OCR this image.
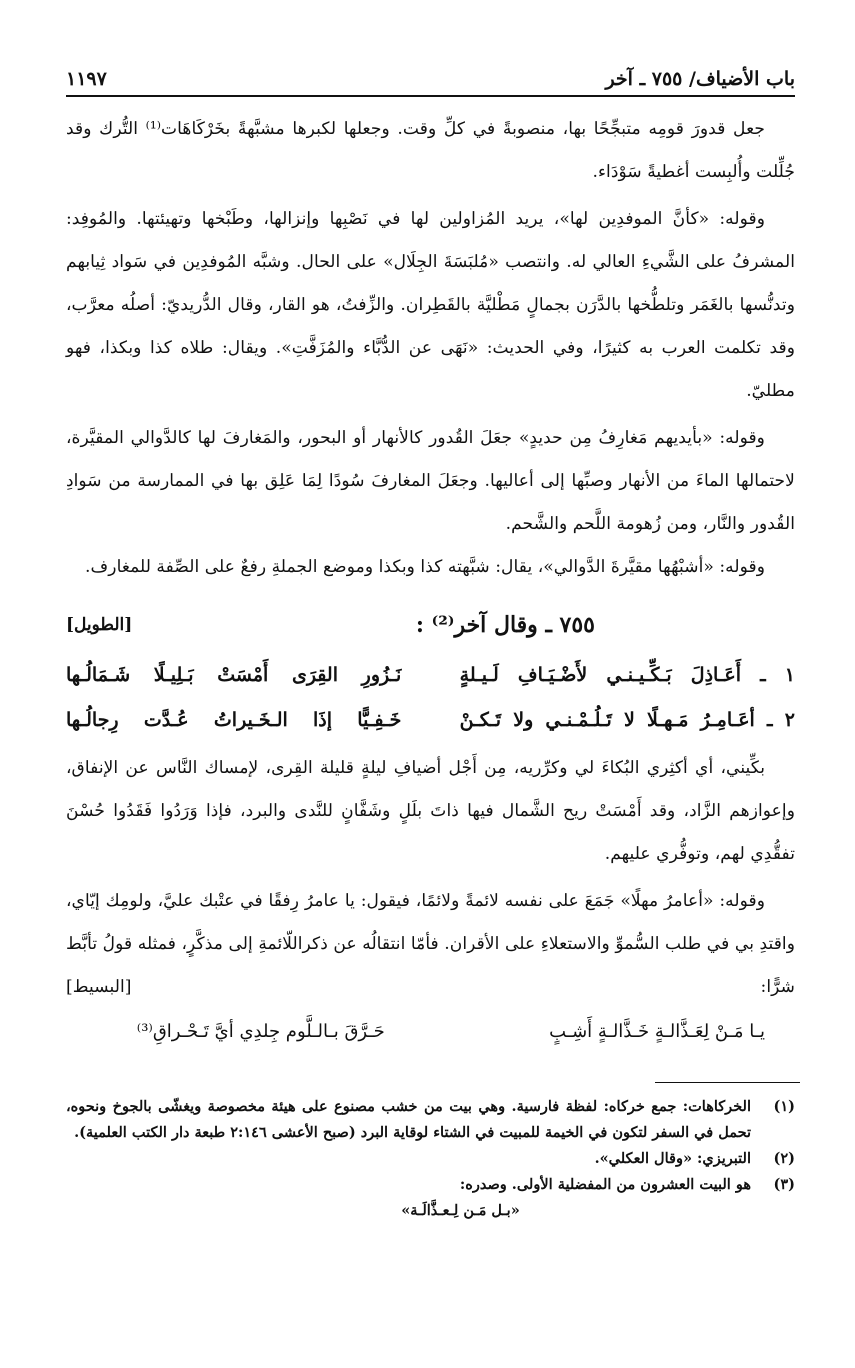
باب الأضياف/ ٧٥٥ ـ آخر
١١٩٧

جعل قدورَ قومِه متبجِّحًا بها، منصوبةً في كلِّ وقت. وجعلها لكبرها مشبَّهةً بخَرْكَاهَات⁽¹⁾ التُّرك وقد جُلِّلت وأُلبِست أغطيةً سَوْدَاء.

وقوله: «كأنَّ الموفدِين لها»، يريد المُزاولين لها في نَصْبِها وإنزالها، وطَبْخها وتهيئتها. والمُوفِد: المشرفُ على الشَّيءِ العالي له. وانتصب «مُلبَسَةَ الجِلَال» على الحال. وشبَّه المُوفدِين في سَواد ثِيابهم وتدنُّسها بالغَمَر وتلطُّخها بالدَّرَن بجمالٍ مَطْليَّة بالقَطِران. والزِّفتُ، هو القار، وقال الدُّريديّ: أصلُه معرَّب، وقد تكلمت العرب به كثيرًا، وفي الحديث: «نَهَى عن الدُّبَّاء والمُزَفَّتِ». ويقال: طلاه كذا وبكذا، فهو مطليّ.

وقوله: «بأيديهم مَغارِفُ مِن حديدٍ» جعَلَ القُدور كالأنهار أو البحور، والمَغارفَ لها كالدَّوالي المقيَّرة، لاحتمالها الماءَ من الأنهار وصبِّها إلى أعاليها. وجعَلَ المغارفَ سُودًا لِمَا عَلِق بها في الممارسة من سَوادِ القُدور والنَّار، ومن زُهومة اللَّحم والشَّحم.

وقوله: «أشبْهُها مقيَّرةَ الدَّوالي»، يقال: شبَّهته كذا وبكذا وموضع الجملةِ رفعٌ على الصِّفة للمغارف.

٧٥٥ ـ وقال آخر⁽²⁾ :
[الطويل]
١ ـ أَعَـاذِلَ بَـكِّـيـنـي لأَضْـيَـافِ لَـيـلةٍ
نَـزُورِ القِرَى أَمْسَتْ بَـلِيـلًا شَـمَالُـها
٢ ـ أعَـامِـرُ مَـهـلًا لا تَـلُـمْـنـي ولا تَـكـنْ
خَـفِـيًّا إذَا الـخَـيراتُ عُـدَّت رِجالُـها

بكِّيني، أي أكثِري البُكاءَ لي وكرِّريه، مِن أَجْل أضيافِ ليلةٍ قليلة القِرى، لإمساك النَّاس عن الإنفاق، وإعوازهم الزَّاد، وقد أَمْسَتْ ريح الشَّمال فيها ذاتَ بلَلٍ وشَفَّانٍ للنَّدى والبرد، فإذا وَرَدُوا فَقَدُوا حُسْنَ تفقُّدِي لهم، وتوفُّري عليهم.

وقوله: «أعامرُ مهلًا» جَمَعَ على نفسه لائمةً ولائمًا، فيقول: يا عامرُ رِفقًا في عتْبك عليَّ، ولومِك إيّاي، واقتدِ بي في طلب السُّموِّ والاستعلاءِ على الأقران. فأمّا انتقالُه عن ذكراللّائمةِ إلى مذكَّرٍ، فمثله قولُ تأبَّط شرًّا:
[البسيط]

يـا مَـنْ لِعَـذَّالـةٍ خَـذَّالـةٍ أَشِـبٍ
حَـرَّقَ بـالـلَّوم جِلدِي أيَّ تَـحْـراقِ⁽³⁾
(١)
الخركاهات: جمع خركاه: لفظة فارسية. وهي بيت من خشب مصنوع على هيئة مخصوصة ويغشّى بالجوخ ونحوه، تحمل في السفر لتكون في الخيمة للمبيت في الشتاء لوقاية البرد (صبح الأعشى ٢:١٤٦ طبعة دار الكتب العلمية).
(٢)
التبريزي: «وقال العكلي».
(٣)
هو البيت العشرون من المفضلية الأولى. وصدره:
«بـل مَـن لِـعـذَّالَـة»
